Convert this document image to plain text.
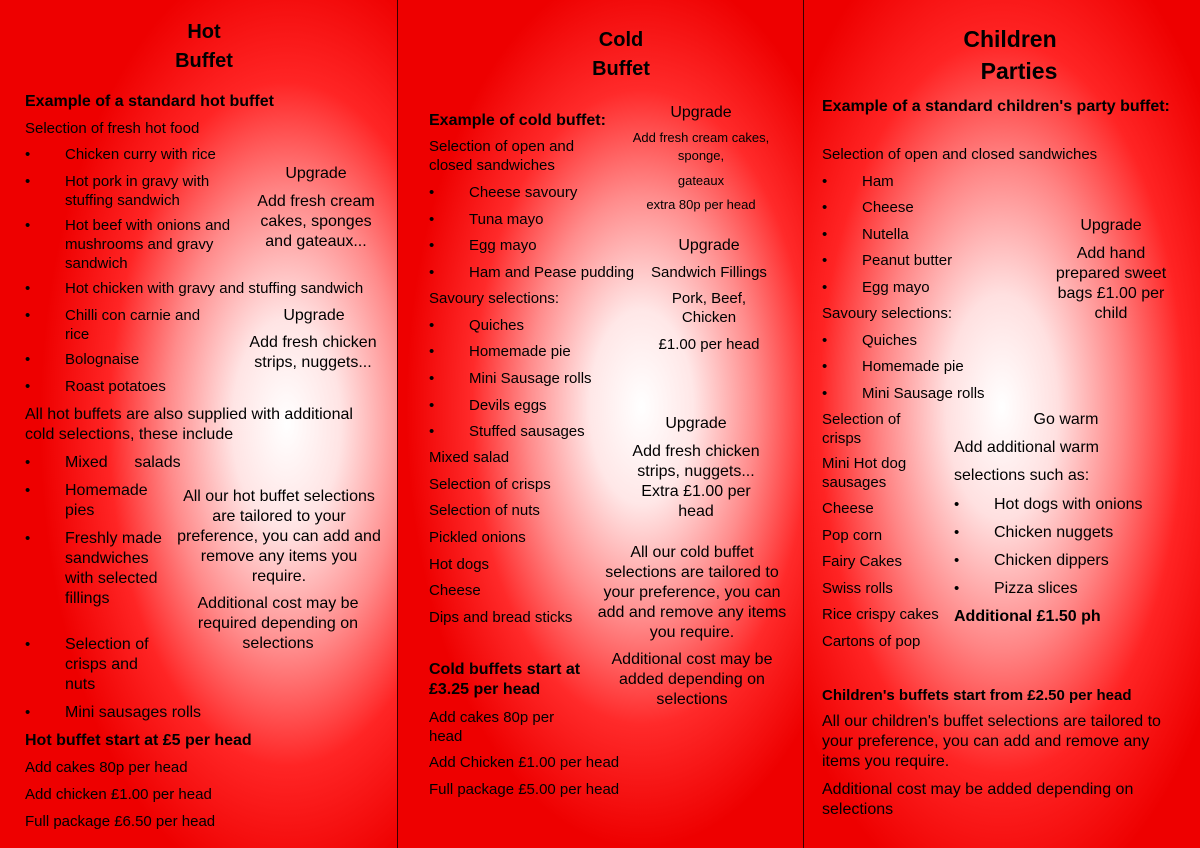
Hot
Buffet
Example of a standard hot buffet
Selection of fresh hot food
• Chicken curry with rice
• Hot pork in gravy with stuffing sandwich
• Hot beef with onions and mushrooms and gravy sandwich
• Hot chicken with gravy and stuffing sandwich
• Chilli con carnie and rice
• Bolognaise
• Roast potatoes
Upgrade
Add fresh cream cakes, sponges and gateaux...
Upgrade
Add fresh chicken strips, nuggets...
All hot buffets are also supplied with additional cold selections, these include
• Mixed      salads
• Homemade pies
• Freshly made sandwiches with selected fillings
• Selection of crisps and nuts
• Mini sausages rolls
All our hot buffet selections are tailored to your preference, you can add and remove any items you require.
Additional cost may be required depending on selections
Hot buffet start at £5 per head
Add cakes 80p per head
Add chicken £1.00 per head
Full package £6.50 per head
Cold
Buffet
Example of cold buffet:
Selection of open and closed sandwiches
• Cheese savoury
• Tuna mayo
• Egg mayo
• Ham and Pease pudding
Savoury selections:
• Quiches
• Homemade pie
• Mini Sausage rolls
• Devils eggs
• Stuffed sausages
Mixed salad
Selection of crisps
Selection of nuts
Pickled onions
Hot dogs
Cheese
Dips and bread sticks
Upgrade
Add fresh cream cakes, sponge,
gateaux
extra 80p per head
Upgrade
Sandwich Fillings
Pork, Beef, Chicken
£1.00 per head
Upgrade
Add fresh chicken strips, nuggets... Extra £1.00 per head
All our cold buffet selections are tailored to your preference, you can add and remove any items you require.
Additional cost may be added depending on selections
Cold buffets start at £3.25 per head
Add cakes 80p per head
Add Chicken £1.00 per head
Full package £5.00 per head
Children
Parties
Example of a standard children's party buffet:
Selection of open and closed sandwiches
• Ham
• Cheese
• Nutella
• Peanut butter
• Egg mayo
Savoury selections:
• Quiches
• Homemade pie
• Mini Sausage rolls
Selection of crisps
Mini Hot dog sausages
Cheese
Pop corn
Fairy Cakes
Swiss rolls
Rice crispy cakes
Cartons of pop
Upgrade
Add hand prepared sweet bags £1.00 per child
Go warm
Add additional warm
selections such as:
• Hot dogs with onions
• Chicken nuggets
• Chicken dippers
• Pizza slices
Additional £1.50 ph
Children's buffets start from £2.50 per head
All our children's buffet selections are tailored to your preference, you can add and remove any items you require.
Additional cost may be added depending on selections
